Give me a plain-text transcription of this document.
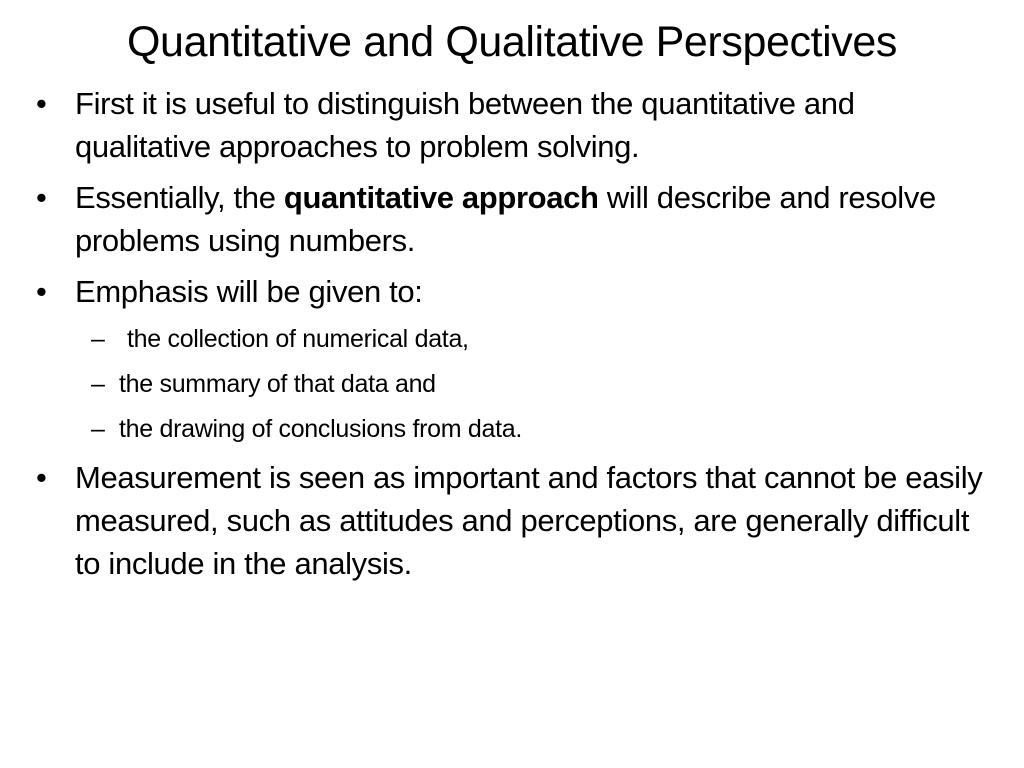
Quantitative and Qualitative Perspectives
• First it is useful to distinguish between the quantitative and qualitative approaches to problem solving.
• Essentially, the quantitative approach will describe and resolve problems using numbers.
• Emphasis will be given to:
– the collection of numerical data,
– the summary of that data and
– the drawing of conclusions from data.
• Measurement is seen as important and factors that cannot be easily measured, such as attitudes and perceptions, are generally difficult to include in the analysis.
